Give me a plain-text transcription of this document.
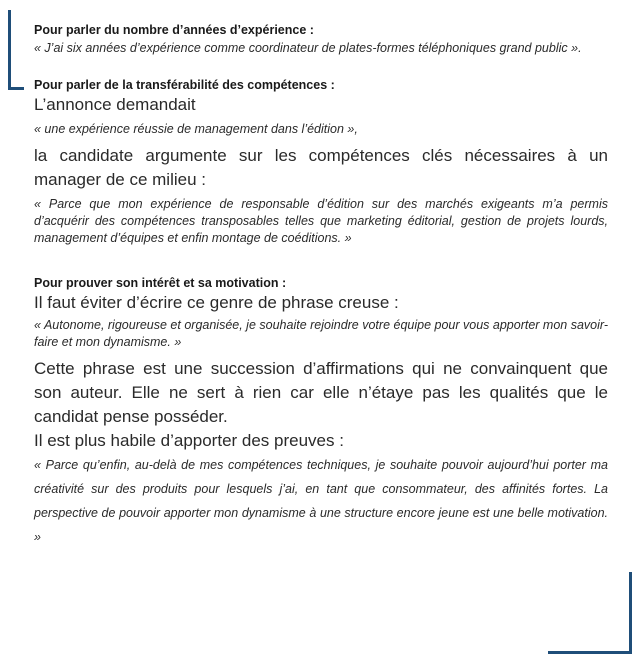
Pour parler du nombre d’années d’expérience :

« J’ai six années d’expérience comme coordinateur de plates-formes téléphoniques grand public ».

Pour parler de la transférabilité des compétences :

L’annonce demandait

« une expérience réussie de management dans l’édition »,

la candidate argumente sur les compétences clés nécessaires à un manager de ce milieu :

« Parce que mon expérience de responsable d’édition sur des marchés exigeants m’a permis d’acquérir des compétences transposables telles que marketing éditorial, gestion de projets lourds, management d’équipes et enfin montage de coéditions. »

Pour prouver son intérêt et sa motivation :

Il faut éviter d’écrire ce genre de phrase creuse :

« Autonome, rigoureuse et organisée, je souhaite rejoindre votre équipe pour vous apporter mon savoir-faire et mon dynamisme. »

Cette phrase est une succession d’affirmations qui ne convainquent que son auteur. Elle ne sert à rien car elle n’étaye pas les qualités que le candidat pense posséder.

Il est plus habile d’apporter des preuves :

« Parce qu’enfin, au-delà de mes compétences techniques, je souhaite pouvoir aujourd’hui porter ma créativité sur des produits pour lesquels j’ai, en tant que consommateur, des affinités fortes. La perspective de pouvoir apporter mon dynamisme à une structure encore jeune est une belle motivation. »
